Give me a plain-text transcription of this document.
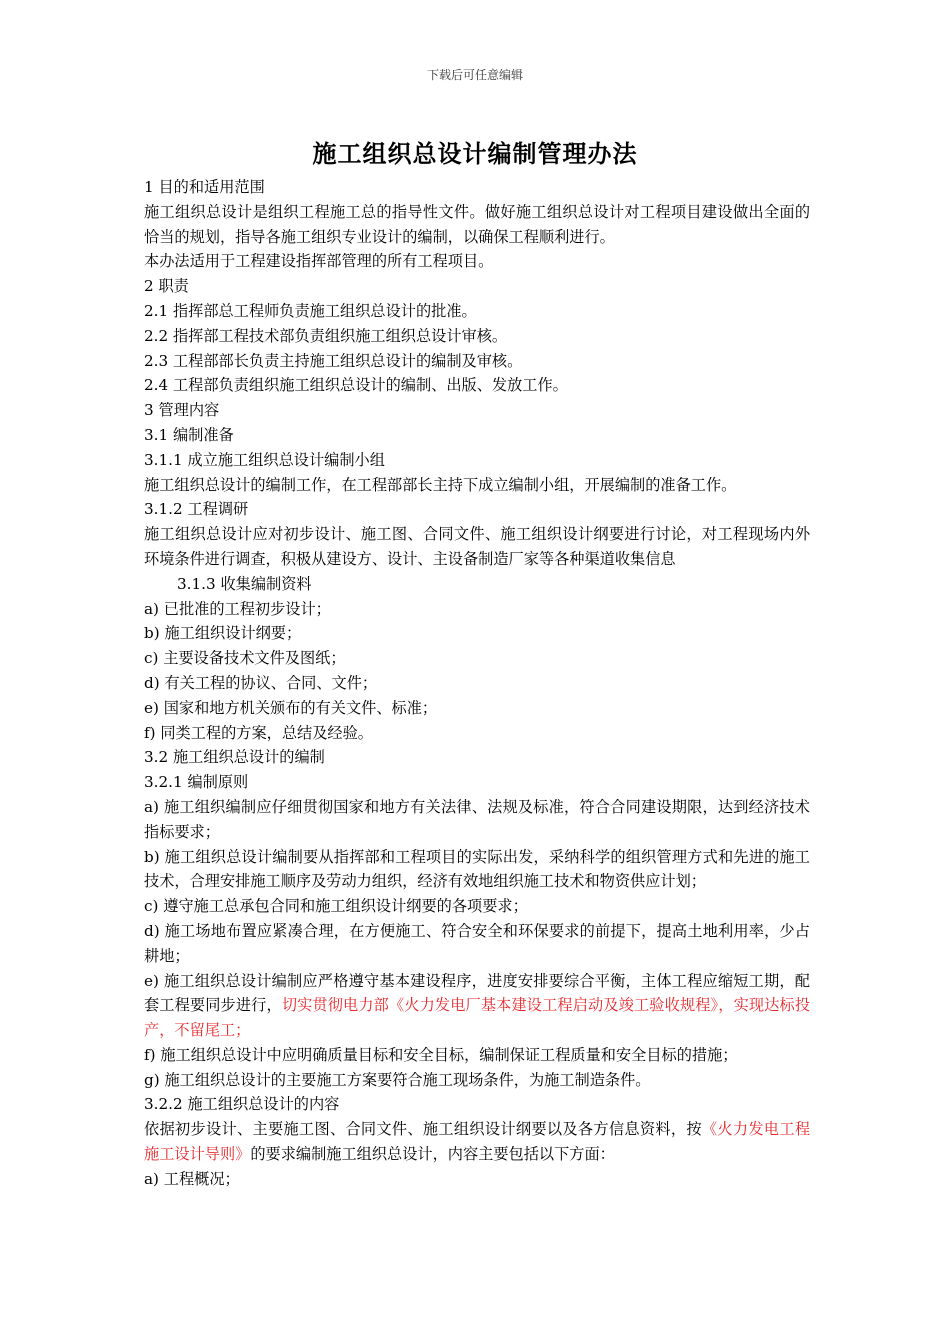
下载后可任意编辑
施工组织总设计编制管理办法

1 目的和适用范围

施工组织总设计是组织工程施工总的指导性文件。做好施工组织总设计对工程项目建设做出全面的恰当的规划，指导各施工组织专业设计的编制，以确保工程顺利进行。

本办法适用于工程建设指挥部管理的所有工程项目。

2 职责

2.1 指挥部总工程师负责施工组织总设计的批准。

2.2 指挥部工程技术部负责组织施工组织总设计审核。

2.3 工程部部长负责主持施工组织总设计的编制及审核。

2.4 工程部负责组织施工组织总设计的编制、出版、发放工作。

3 管理内容

3.1 编制准备

3.1.1 成立施工组织总设计编制小组

施工组织总设计的编制工作，在工程部部长主持下成立编制小组，开展编制的准备工作。

3.1.2 工程调研

施工组织总设计应对初步设计、施工图、合同文件、施工组织设计纲要进行讨论，对工程现场内外环境条件进行调查，积极从建设方、设计、主设备制造厂家等各种渠道收集信息

3.1.3 收集编制资料

a) 已批准的工程初步设计；

b) 施工组织设计纲要；

c) 主要设备技术文件及图纸；

d) 有关工程的协议、合同、文件；

e) 国家和地方机关颁布的有关文件、标准；

f) 同类工程的方案，总结及经验。

3.2 施工组织总设计的编制

3.2.1 编制原则

a) 施工组织编制应仔细贯彻国家和地方有关法律、法规及标准，符合合同建设期限，达到经济技术指标要求；

b) 施工组织总设计编制要从指挥部和工程项目的实际出发，采纳科学的组织管理方式和先进的施工技术，合理安排施工顺序及劳动力组织，经济有效地组织施工技术和物资供应计划；

c) 遵守施工总承包合同和施工组织设计纲要的各项要求；

d) 施工场地布置应紧凑合理，在方便施工、符合安全和环保要求的前提下，提高土地利用率，少占耕地；

e) 施工组织总设计编制应严格遵守基本建设程序，进度安排要综合平衡，主体工程应缩短工期，配套工程要同步进行，切实贯彻电力部《火力发电厂基本建设工程启动及竣工验收规程》，实现达标投产，不留尾工；

f) 施工组织总设计中应明确质量目标和安全目标，编制保证工程质量和安全目标的措施；

g) 施工组织总设计的主要施工方案要符合施工现场条件，为施工制造条件。

3.2.2 施工组织总设计的内容

依据初步设计、主要施工图、合同文件、施工组织设计纲要以及各方信息资料，按《火力发电工程施工设计导则》的要求编制施工组织总设计，内容主要包括以下方面：

a) 工程概况；
